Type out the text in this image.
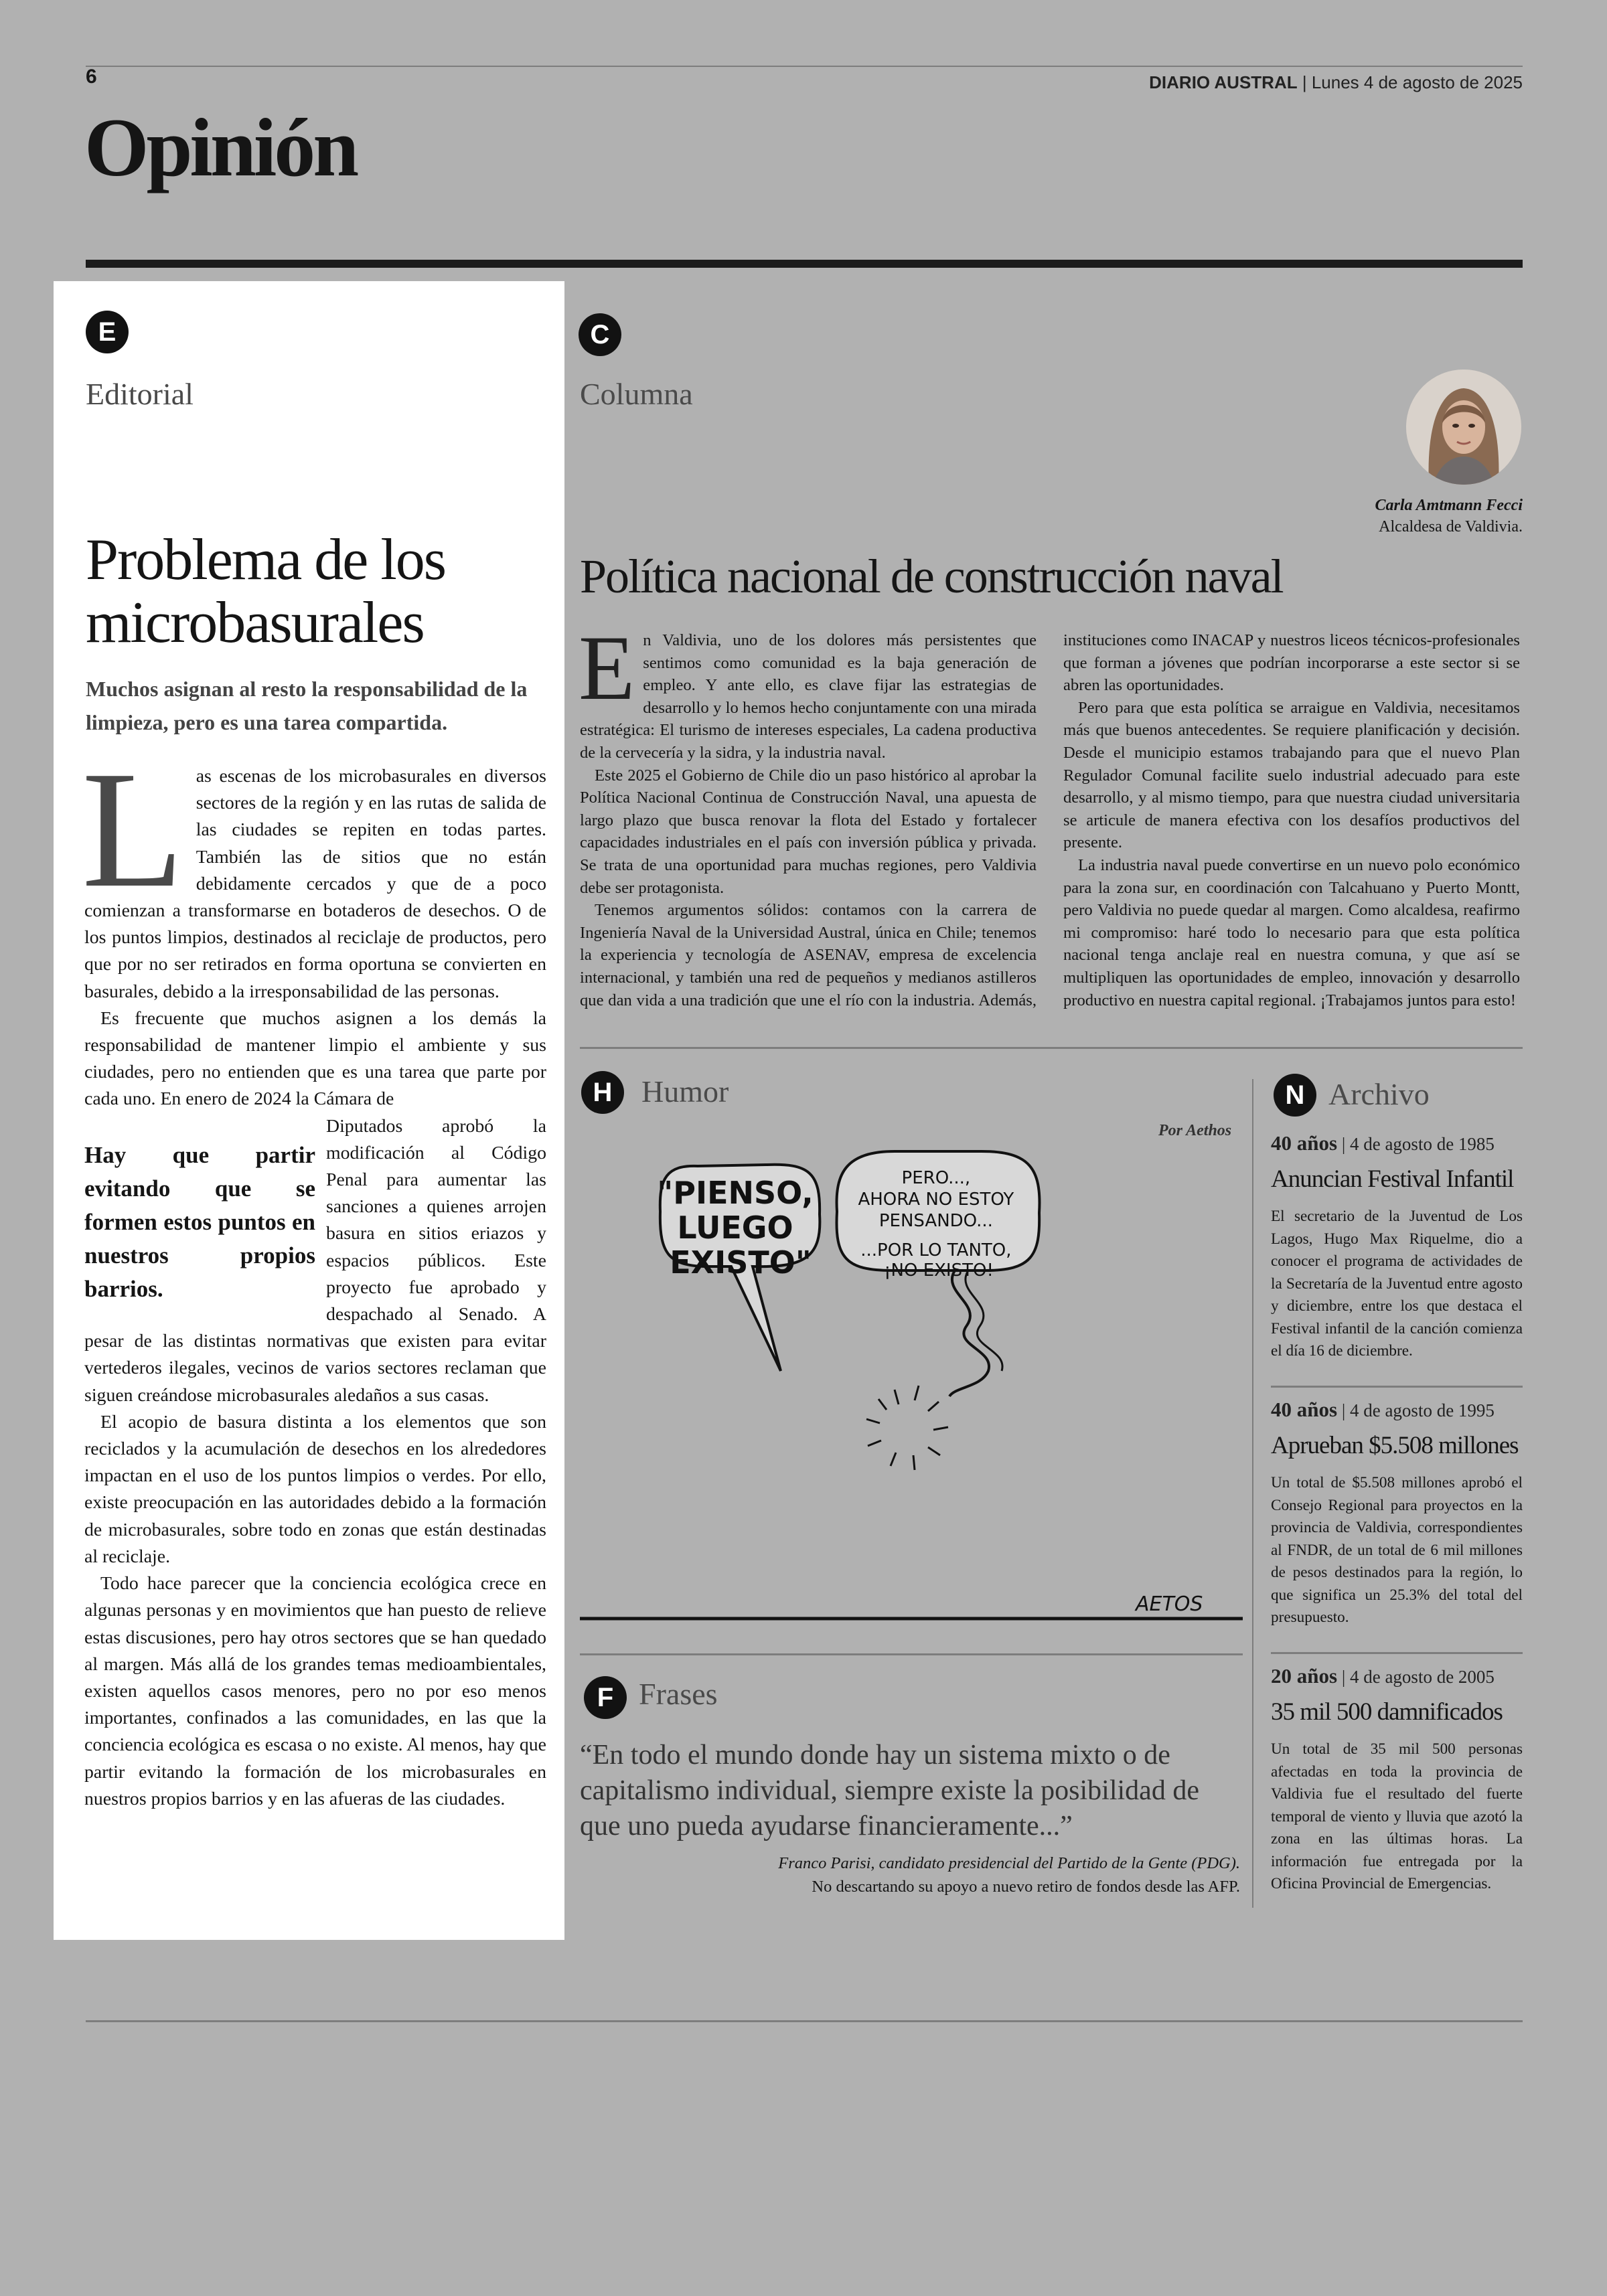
6	DIARIO AUSTRAL | Lunes 4 de agosto de 2025
Opinión
E
Editorial
Problema de los microbasurales
Muchos asignan al resto la responsabilidad de la limpieza, pero es una tarea compartida.

Las escenas de los microbasurales en diversos sectores de la región y en las rutas de salida de las ciudades se repiten en todas partes. También las de sitios que no están debidamente cercados y que de a poco comienzan a transformarse en botaderos de desechos. O de los puntos limpios, destinados al reciclaje de productos, pero que por no ser retirados en forma oportuna se convierten en basurales, debido a la irresponsabilidad de las personas.

Es frecuente que muchos asignen a los demás la responsabilidad de mantener limpio el ambiente y sus ciudades, pero no entienden que es una tarea que parte por cada uno. En enero de 2024 la Cámara de

Hay que partir evitando que se formen estos puntos en nuestros propios barrios.

Diputados aprobó la modificación al Código Penal para aumentar las sanciones a quienes arrojen basura en sitios eriazos y espacios públicos. Este proyecto fue aprobado y despachado al Senado. A pesar de las distintas normativas que existen para evitar vertederos ilegales, vecinos de varios sectores reclaman que siguen creándose microbasurales aledaños a sus casas.

El acopio de basura distinta a los elementos que son reciclados y la acumulación de desechos en los alrededores impactan en el uso de los puntos limpios o verdes. Por ello, existe preocupación en las autoridades debido a la formación de microbasurales, sobre todo en zonas que están destinadas al reciclaje.

Todo hace parecer que la conciencia ecológica crece en algunas personas y en movimientos que han puesto de relieve estas discusiones, pero hay otros sectores que se han quedado al margen. Más allá de los grandes temas medioambientales, existen aquellos casos menores, pero no por eso menos importantes, confinados a las comunidades, en las que la conciencia ecológica es escasa o no existe. Al menos, hay que partir evitando la formación de los microbasurales en nuestros propios barrios y en las afueras de las ciudades.

C
Columna
Carla Amtmann Fecci
Alcaldesa de Valdivia.
Política nacional de construcción naval

En Valdivia, uno de los dolores más persistentes que sentimos como comunidad es la baja generación de empleo. Y ante ello, es clave fijar las estrategias de desarrollo y lo hemos hecho conjuntamente con una mirada estratégica: El turismo de intereses especiales, La cadena productiva de la cervecería y la sidra, y la industria naval.

Este 2025 el Gobierno de Chile dio un paso histórico al aprobar la Política Nacional Continua de Construcción Naval, una apuesta de largo plazo que busca renovar la flota del Estado y fortalecer capacidades industriales en el país con inversión pública y privada. Se trata de una oportunidad para muchas regiones, pero Valdivia debe ser protagonista.

Tenemos argumentos sólidos: contamos con la carrera de Ingeniería Naval de la Universidad Austral, única en Chile; tenemos la experiencia y tecnología de ASENAV, empresa de excelencia internacional, y también una red de pequeños y medianos astilleros que dan vida a una tradición que une el río con la industria. Además, instituciones como INACAP y nuestros liceos técnicos-profesionales que forman a jóvenes que podrían incorporarse a este sector si se abren las oportunidades.

Pero para que esta política se arraigue en Valdivia, necesitamos más que buenos antecedentes. Se requiere planificación y decisión. Desde el municipio estamos trabajando para que el nuevo Plan Regulador Comunal facilite suelo industrial adecuado para este desarrollo, y al mismo tiempo, para que nuestra ciudad universitaria se articule de manera efectiva con los desafíos productivos del presente.

La industria naval puede convertirse en un nuevo polo económico para la zona sur, en coordinación con Talcahuano y Puerto Montt, pero Valdivia no puede quedar al margen. Como alcaldesa, reafirmo mi compromiso: haré todo lo necesario para que esta política nacional tenga anclaje real en nuestra comuna, y que así se multipliquen las oportunidades de empleo, innovación y desarrollo productivo en nuestra capital regional. ¡Trabajamos juntos para esto!

H Humor
Por Aethos
"PIENSO, LUEGO EXISTO"
PERO..., AHORA NO ESTOY PENSANDO... ...POR LO TANTO, ¡NO EXISTO!
AETOS
F Frases
“En todo el mundo donde hay un sistema mixto o de capitalismo individual, siempre existe la posibilidad de que uno pueda ayudarse financieramente...”
Franco Parisi, candidato presidencial del Partido de la Gente (PDG).
No descartando su apoyo a nuevo retiro de fondos desde las AFP.
N Archivo
40 años | 4 de agosto de 1985
Anuncian Festival Infantil
El secretario de la Juventud de Los Lagos, Hugo Max Riquelme, dio a conocer el programa de actividades de la Secretaría de la Juventud entre agosto y diciembre, entre los que destaca el Festival infantil de la canción comienza el día 16 de diciembre.
40 años | 4 de agosto de 1995
Aprueban $5.508 millones
Un total de $5.508 millones aprobó el Consejo Regional para proyectos en la provincia de Valdivia, correspondientes al FNDR, de un total de 6 mil millones de pesos destinados para la región, lo que significa un 25.3% del total del presupuesto.
20 años | 4 de agosto de 2005
35 mil 500 damnificados
Un total de 35 mil 500 personas afectadas en toda la provincia de Valdivia fue el resultado del fuerte temporal de viento y lluvia que azotó la zona en las últimas horas. La información fue entregada por la Oficina Provincial de Emergencias.
